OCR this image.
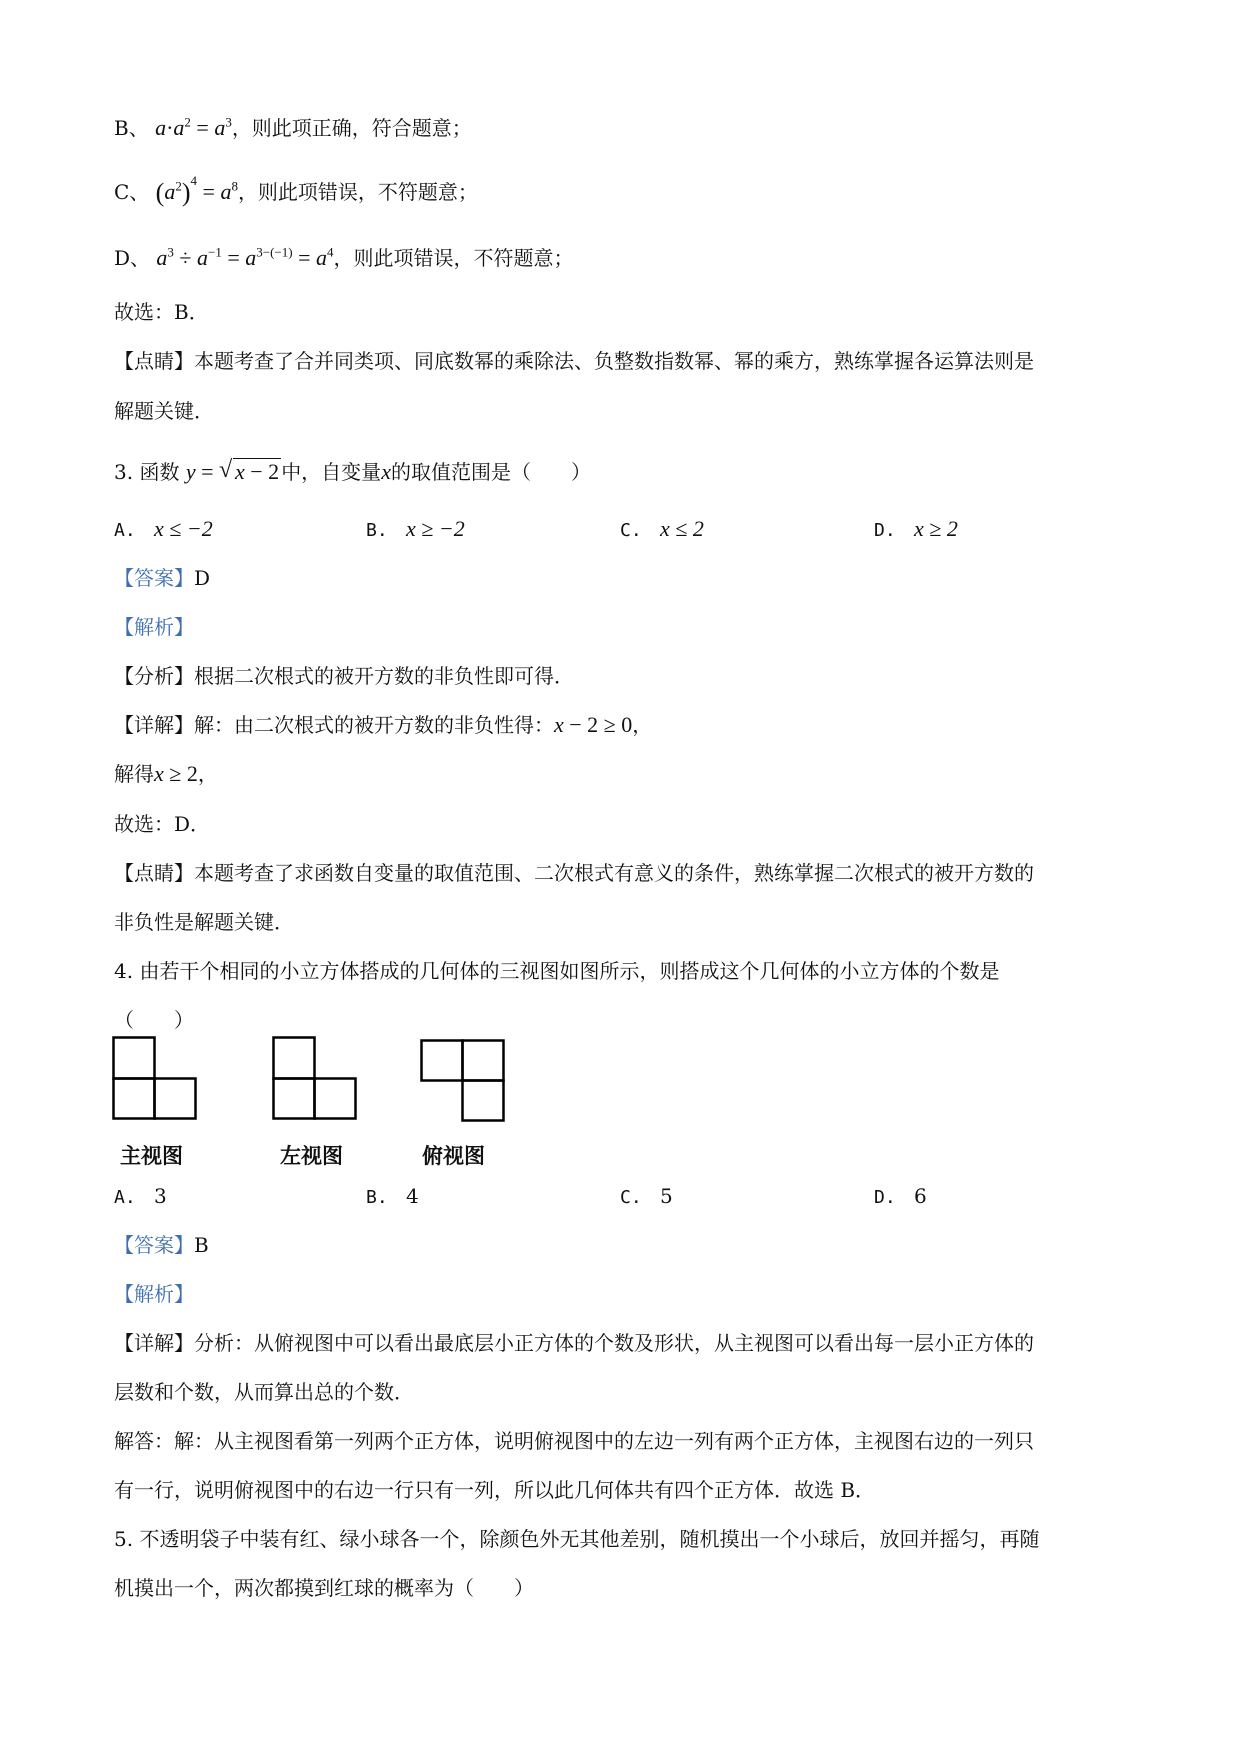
B、 $a\cdot a^2 = a^3$，则此项正确，符合题意；
C、 $(a^2)^4 = a^8$，则此项错误，不符题意；
D、 $a^3 \div a^{-1} = a^{3-(-1)} = a^4$，则此项错误，不符题意；
故选：B．
【点睛】本题考查了合并同类项、同底数幂的乘除法、负整数指数幂、幂的乘方，熟练掌握各运算法则是
解题关键．
3. 函数 y = √ x − 2 中，自变量x的取值范围是（　　）
A. x ≤ −2	B. x ≥ −2	C. x ≤ 2	D. x ≥ 2
【答案】D
【解析】
【分析】根据二次根式的被开方数的非负性即可得．
【详解】解：由二次根式的被开方数的非负性得：x − 2 ≥ 0，
解得x ≥ 2，
故选：D．
【点睛】本题考查了求函数自变量的取值范围、二次根式有意义的条件，熟练掌握二次根式的被开方数的
非负性是解题关键．
4. 由若干个相同的小立方体搭成的几何体的三视图如图所示，则搭成这个几何体的小立方体的个数是
（　　）
主视图	左视图	俯视图
A. 3	B. 4	C. 5	D. 6
【答案】B
【解析】
【详解】分析：从俯视图中可以看出最底层小正方体的个数及形状，从主视图可以看出每一层小正方体的
层数和个数，从而算出总的个数．
解答：解：从主视图看第一列两个正方体，说明俯视图中的左边一列有两个正方体，主视图右边的一列只
有一行，说明俯视图中的右边一行只有一列，所以此几何体共有四个正方体．故选 B．
5. 不透明袋子中装有红、绿小球各一个，除颜色外无其他差别，随机摸出一个小球后，放回并摇匀，再随
机摸出一个，两次都摸到红球的概率为（　　）
